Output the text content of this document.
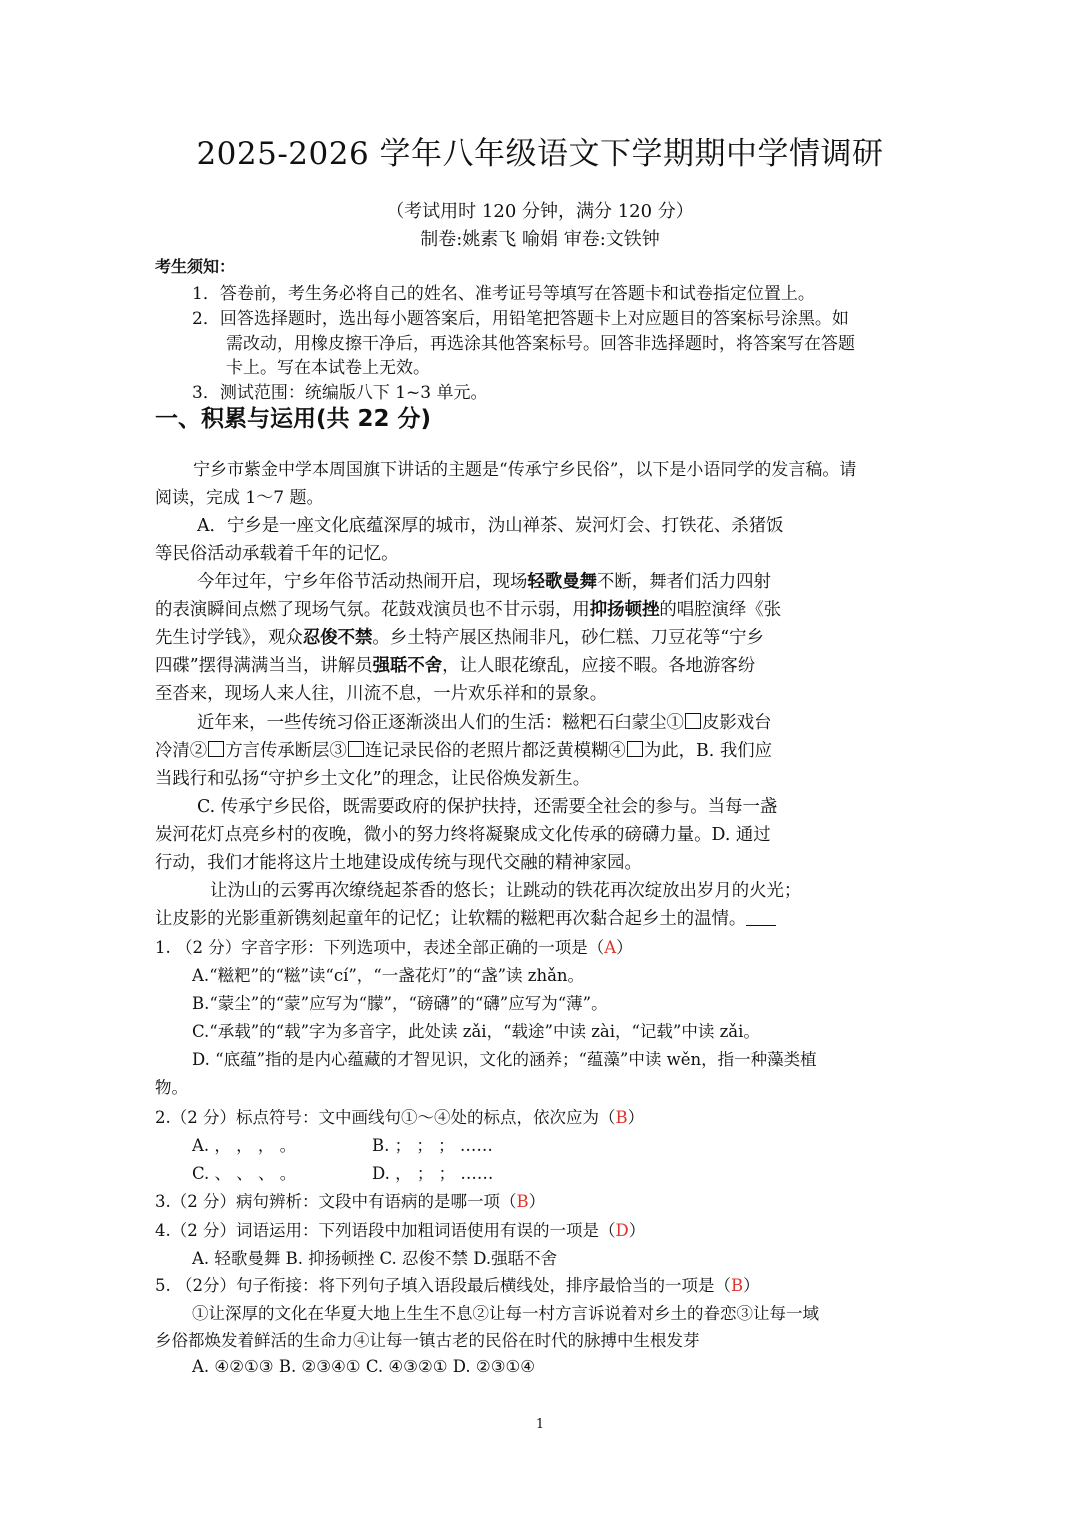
2025-2026 学年八年级语文下学期期中学情调研
（考试用时 120 分钟，满分 120 分）
制卷:姚素飞 喻娟 审卷:文铁钟
考生须知：
1．答卷前，考生务必将自己的姓名、准考证号等填写在答题卡和试卷指定位置上。
2．回答选择题时，选出每小题答案后，用铅笔把答题卡上对应题目的答案标号涂黑。如
需改动，用橡皮擦干净后，再选涂其他答案标号。回答非选择题时，将答案写在答题
卡上。写在本试卷上无效。
3．测试范围：统编版八下 1~3 单元。
一、积累与运用(共 22 分)
宁乡市紫金中学本周国旗下讲话的主题是“传承宁乡民俗”，以下是小语同学的发言稿。请
阅读，完成 1～7 题。
A．宁乡是一座文化底蕴深厚的城市，沩山禅茶、炭河灯会、打铁花、杀猪饭
等民俗活动承载着千年的记忆。
今年过年，宁乡年俗节活动热闹开启，现场轻歌曼舞不断，舞者们活力四射
的表演瞬间点燃了现场气氛。花鼓戏演员也不甘示弱，用抑扬顿挫的唱腔演绎《张
先生讨学钱》，观众忍俊不禁。乡土特产展区热闹非凡，砂仁糕、刀豆花等“宁乡
四碟”摆得满满当当，讲解员强聒不舍，让人眼花缭乱，应接不暇。各地游客纷
至沓来，现场人来人往，川流不息，一片欢乐祥和的景象。
近年来，一些传统习俗正逐渐淡出人们的生活：糍粑石臼蒙尘① 皮影戏台
冷清② 方言传承断层③ 连记录民俗的老照片都泛黄模糊④ 为此，B. 我们应
当践行和弘扬“守护乡土文化”的理念，让民俗焕发新生。
C. 传承宁乡民俗，既需要政府的保护扶持，还需要全社会的参与。当每一盏
炭河花灯点亮乡村的夜晚，微小的努力终将凝聚成文化传承的磅礴力量。D. 通过
行动，我们才能将这片土地建设成传统与现代交融的精神家园。
让沩山的云雾再次缭绕起茶香的悠长；让跳动的铁花再次绽放出岁月的火光；
让皮影的光影重新镌刻起童年的记忆；让软糯的糍粑再次黏合起乡土的温情。
1. （2 分）字音字形：下列选项中，表述全部正确的一项是（A）
A.“糍粑”的“糍”读“cí”，“一盏花灯”的“盏”读 zhǎn。
B.“蒙尘”的“蒙”应写为“朦”，“磅礴”的“礴”应写为“薄”。
C.“承载”的“载”字为多音字，此处读 zǎi，“载途”中读 zài，“记载”中读 zǎi。
D. “底蕴”指的是内心蕴藏的才智见识，文化的涵养；“蕴藻”中读 wěn，指一种藻类植
物。
2.（2 分）标点符号：文中画线句①～④处的标点，依次应为（B）
A. ， ， ， 。	B. ； ； ； ……
C. 、 、 、 。	D. ， ； ； ……
3.（2 分）病句辨析：文段中有语病的是哪一项（B）
4.（2 分）词语运用：下列语段中加粗词语使用有误的一项是（D）
A. 轻歌曼舞 B. 抑扬顿挫 C. 忍俊不禁 D.强聒不舍
5. （2分）句子衔接：将下列句子填入语段最后横线处，排序最恰当的一项是（B）
①让深厚的文化在华夏大地上生生不息②让每一村方言诉说着对乡土的眷恋③让每一域
乡俗都焕发着鲜活的生命力④让每一镇古老的民俗在时代的脉搏中生根发芽
A. ④②①③ B. ②③④① C. ④③②① D. ②③①④
1
